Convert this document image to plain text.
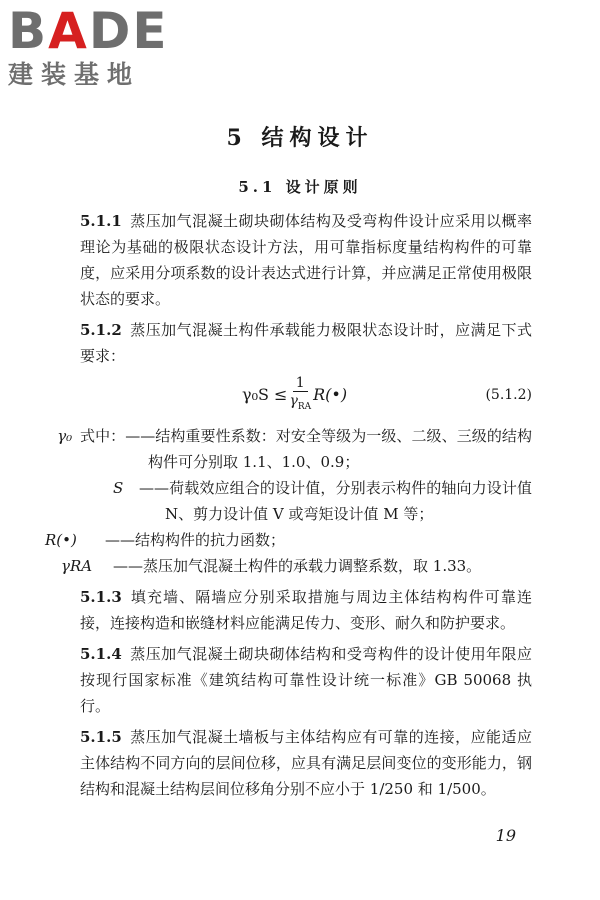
BADE
建装基地
5 结构设计
5.1 设计原则

5.1.1 蒸压加气混凝土砌块砌体结构及受弯构件设计应采用以概率理论为基础的极限状态设计方法，用可靠指标度量结构构件的可靠度，应采用分项系数的设计表达式进行计算，并应满足正常使用极限状态的要求。

5.1.2 蒸压加气混凝土构件承载能力极限状态设计时，应满足下式要求：

$\gamma_0S \le \frac{1}{\gamma_{RA}}$ R(•)	(5.1.2)

式中：γ₀	——结构重要性系数：对安全等级为一级、二级、三级的结构构件可分别取 1.1、1.0、0.9；

S ——荷载效应组合的设计值，分别表示构件的轴向力设计值 N、剪力设计值 V 或弯矩设计值 M 等；

R(•) ——结构构件的抗力函数；

γRA ——蒸压加气混凝土构件的承载力调整系数，取 1.33。

5.1.3 填充墙、隔墙应分别采取措施与周边主体结构构件可靠连接，连接构造和嵌缝材料应能满足传力、变形、耐久和防护要求。

5.1.4 蒸压加气混凝土砌块砌体结构和受弯构件的设计使用年限应按现行国家标准《建筑结构可靠性设计统一标准》GB 50068 执行。

5.1.5 蒸压加气混凝土墙板与主体结构应有可靠的连接，应能适应主体结构不同方向的层间位移，应具有满足层间变位的变形能力，钢结构和混凝土结构层间位移角分别不应小于 1/250 和 1/500。

19
